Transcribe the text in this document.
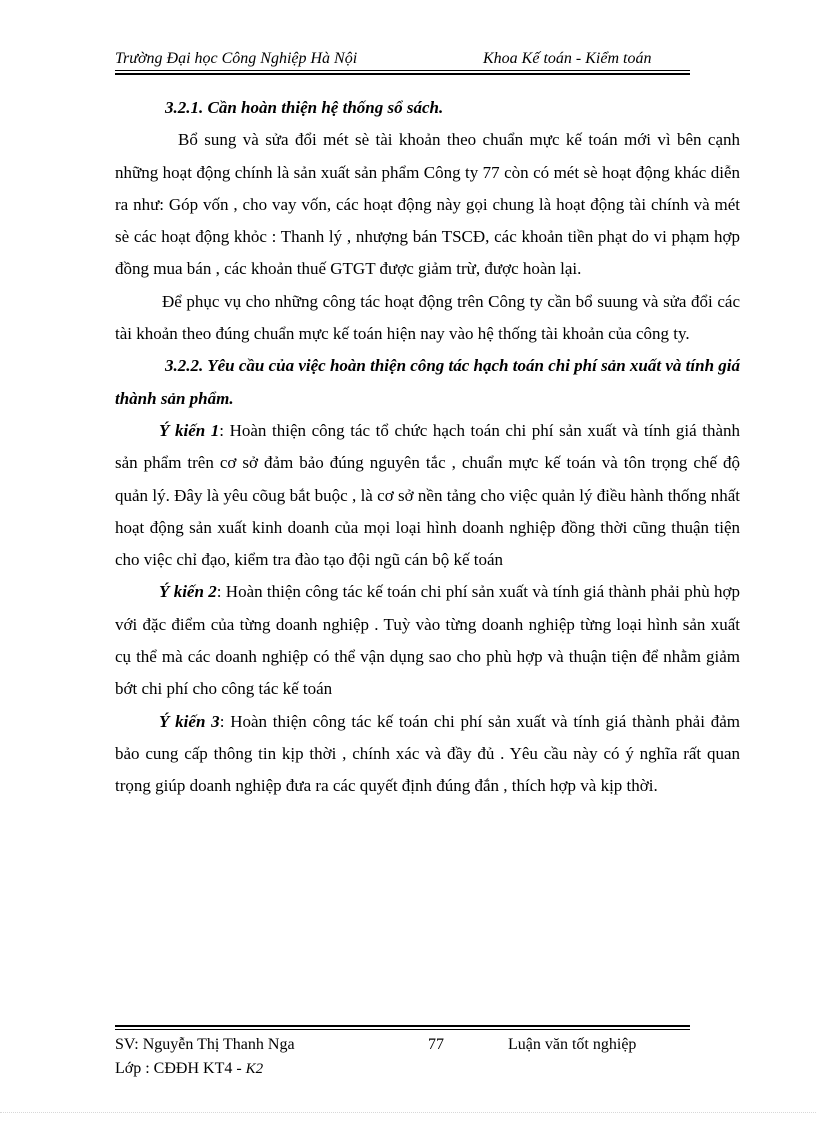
Trường Đại học Công Nghiệp Hà Nội	Khoa Kế toán - Kiểm toán

3.2.1. Cần hoàn thiện hệ thống sổ sách.

Bổ sung và sửa đổi mét sè tài khoản theo chuẩn mực kế toán mới vì bên cạnh những hoạt động chính là sản xuất sản phẩm Công ty 77 còn có mét sè hoạt động khác diễn ra như: Góp vốn , cho vay vốn, các hoạt động này gọi chung là hoạt động tài chính và mét sè các hoạt động khỏc : Thanh lý , nhượng bán TSCĐ, các khoản tiền phạt do vi phạm hợp đồng mua bán , các khoản thuế GTGT được giảm trừ, được hoàn lại.

Để phục vụ cho những công tác hoạt động trên Công ty cần bổ suung và sửa đổi các tài khoản theo đúng chuẩn mực kế toán hiện nay vào hệ thống tài khoản của công ty.

3.2.2. Yêu cầu của việc hoàn thiện công tác hạch toán chi phí sản xuất và tính giá thành sản phẩm.

Ý kiến 1: Hoàn thiện công tác tổ chức hạch toán chi phí sản xuất và tính giá thành sản phẩm trên cơ sở đảm bảo đúng nguyên tắc , chuẩn mực kế toán và tôn trọng chế độ quản lý. Đây là yêu cõug bắt buộc , là cơ sở nền tảng cho việc quản lý điều hành thống nhất hoạt động sản xuất kinh doanh của mọi loại hình doanh nghiệp đồng thời cũng thuận tiện cho việc chỉ đạo, kiểm tra đào tạo đội ngũ cán bộ kế toán

Ý kiến 2: Hoàn thiện công tác kế toán chi phí sản xuất và tính giá thành phải phù hợp với đặc điểm của từng doanh nghiệp . Tuỳ vào từng doanh nghiệp từng loại hình sản xuất cụ thể mà các doanh nghiệp có thể vận dụng sao cho phù hợp và thuận tiện để nhằm giảm bớt chi phí cho công tác kế toán

Ý kiến 3: Hoàn thiện công tác kế toán chi phí sản xuất và tính giá thành phải đảm bảo cung cấp thông tin kịp thời , chính xác và đầy đủ . Yêu cầu này có ý nghĩa rất quan trọng giúp doanh nghiệp đưa ra các quyết định đúng đắn , thích hợp và kịp thời.

SV: Nguyễn Thị Thanh Nga	77	Luận văn tốt nghiệp
Lớp : CĐĐH KT4 - K2
